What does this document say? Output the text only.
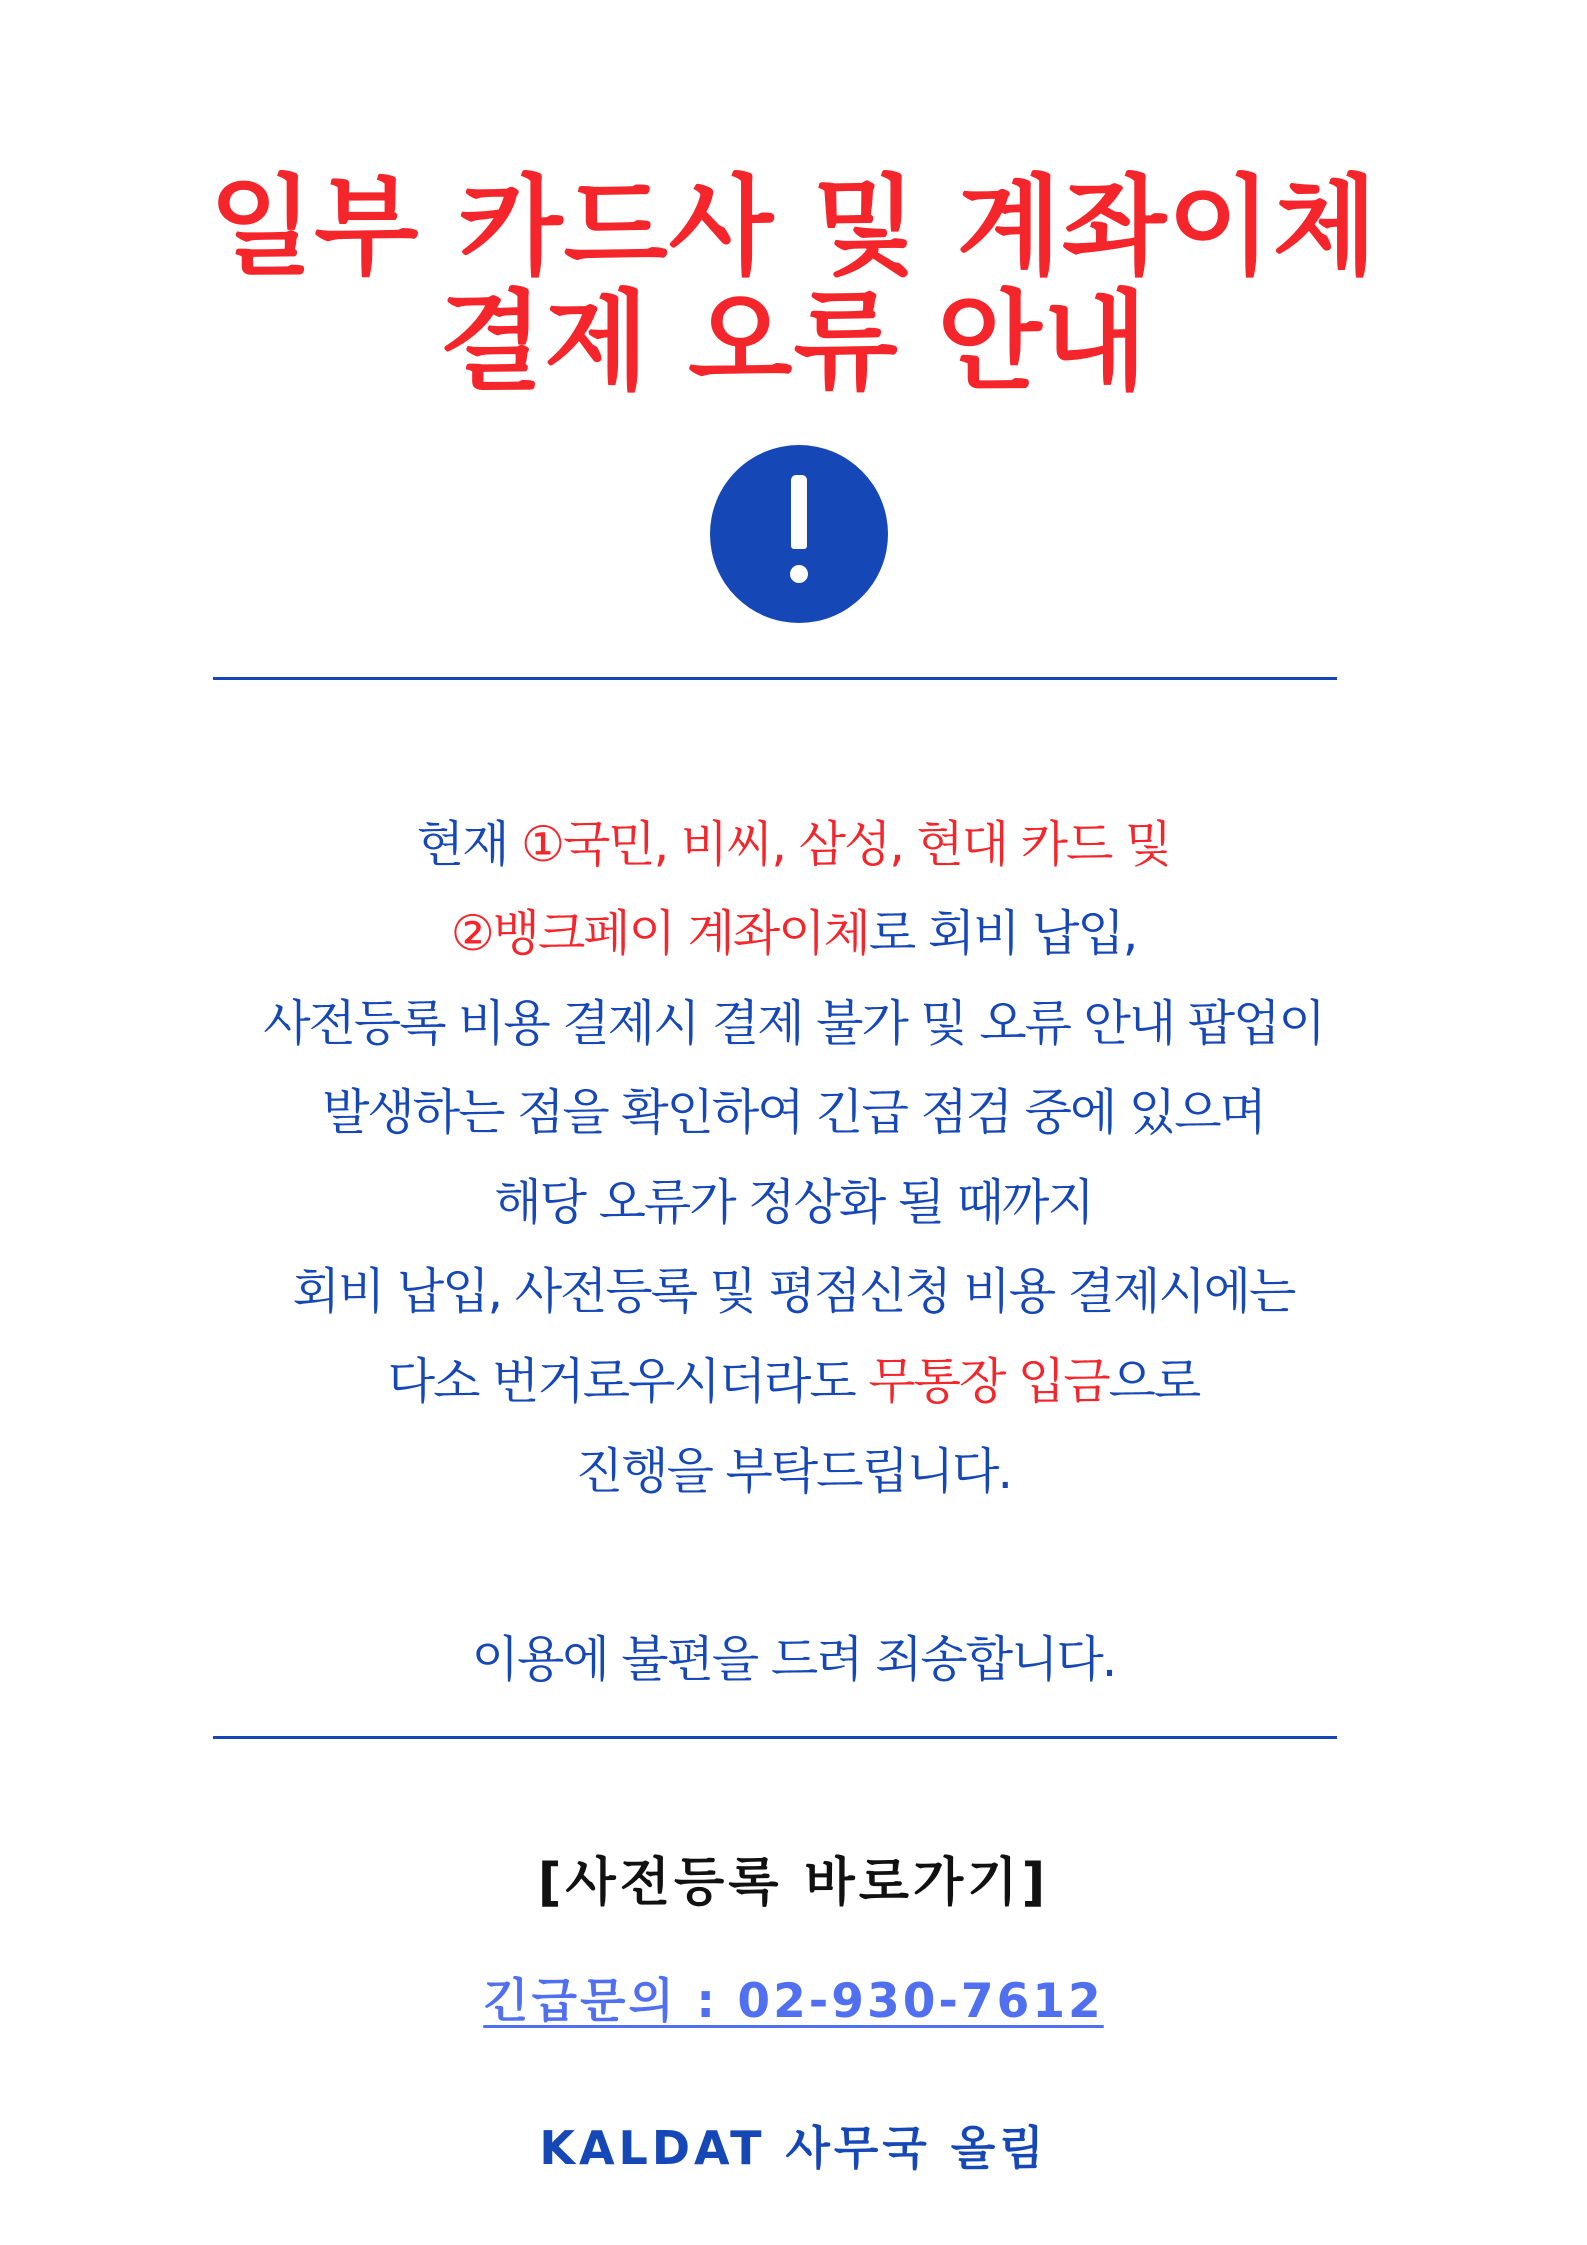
일부 카드사 및 계좌이체
결제 오류 안내
현재 ①국민, 비씨, 삼성, 현대 카드 및
②뱅크페이 계좌이체로 회비 납입,
사전등록 비용 결제시 결제 불가 및 오류 안내 팝업이
발생하는 점을 확인하여 긴급 점검 중에 있으며
해당 오류가 정상화 될 때까지
회비 납입, 사전등록 및 평점신청 비용 결제시에는
다소 번거로우시더라도 무통장 입금으로
진행을 부탁드립니다.
이용에 불편을 드려 죄송합니다.
[사전등록 바로가기]
긴급문의 : 02-930-7612
KALDAT 사무국 올림
